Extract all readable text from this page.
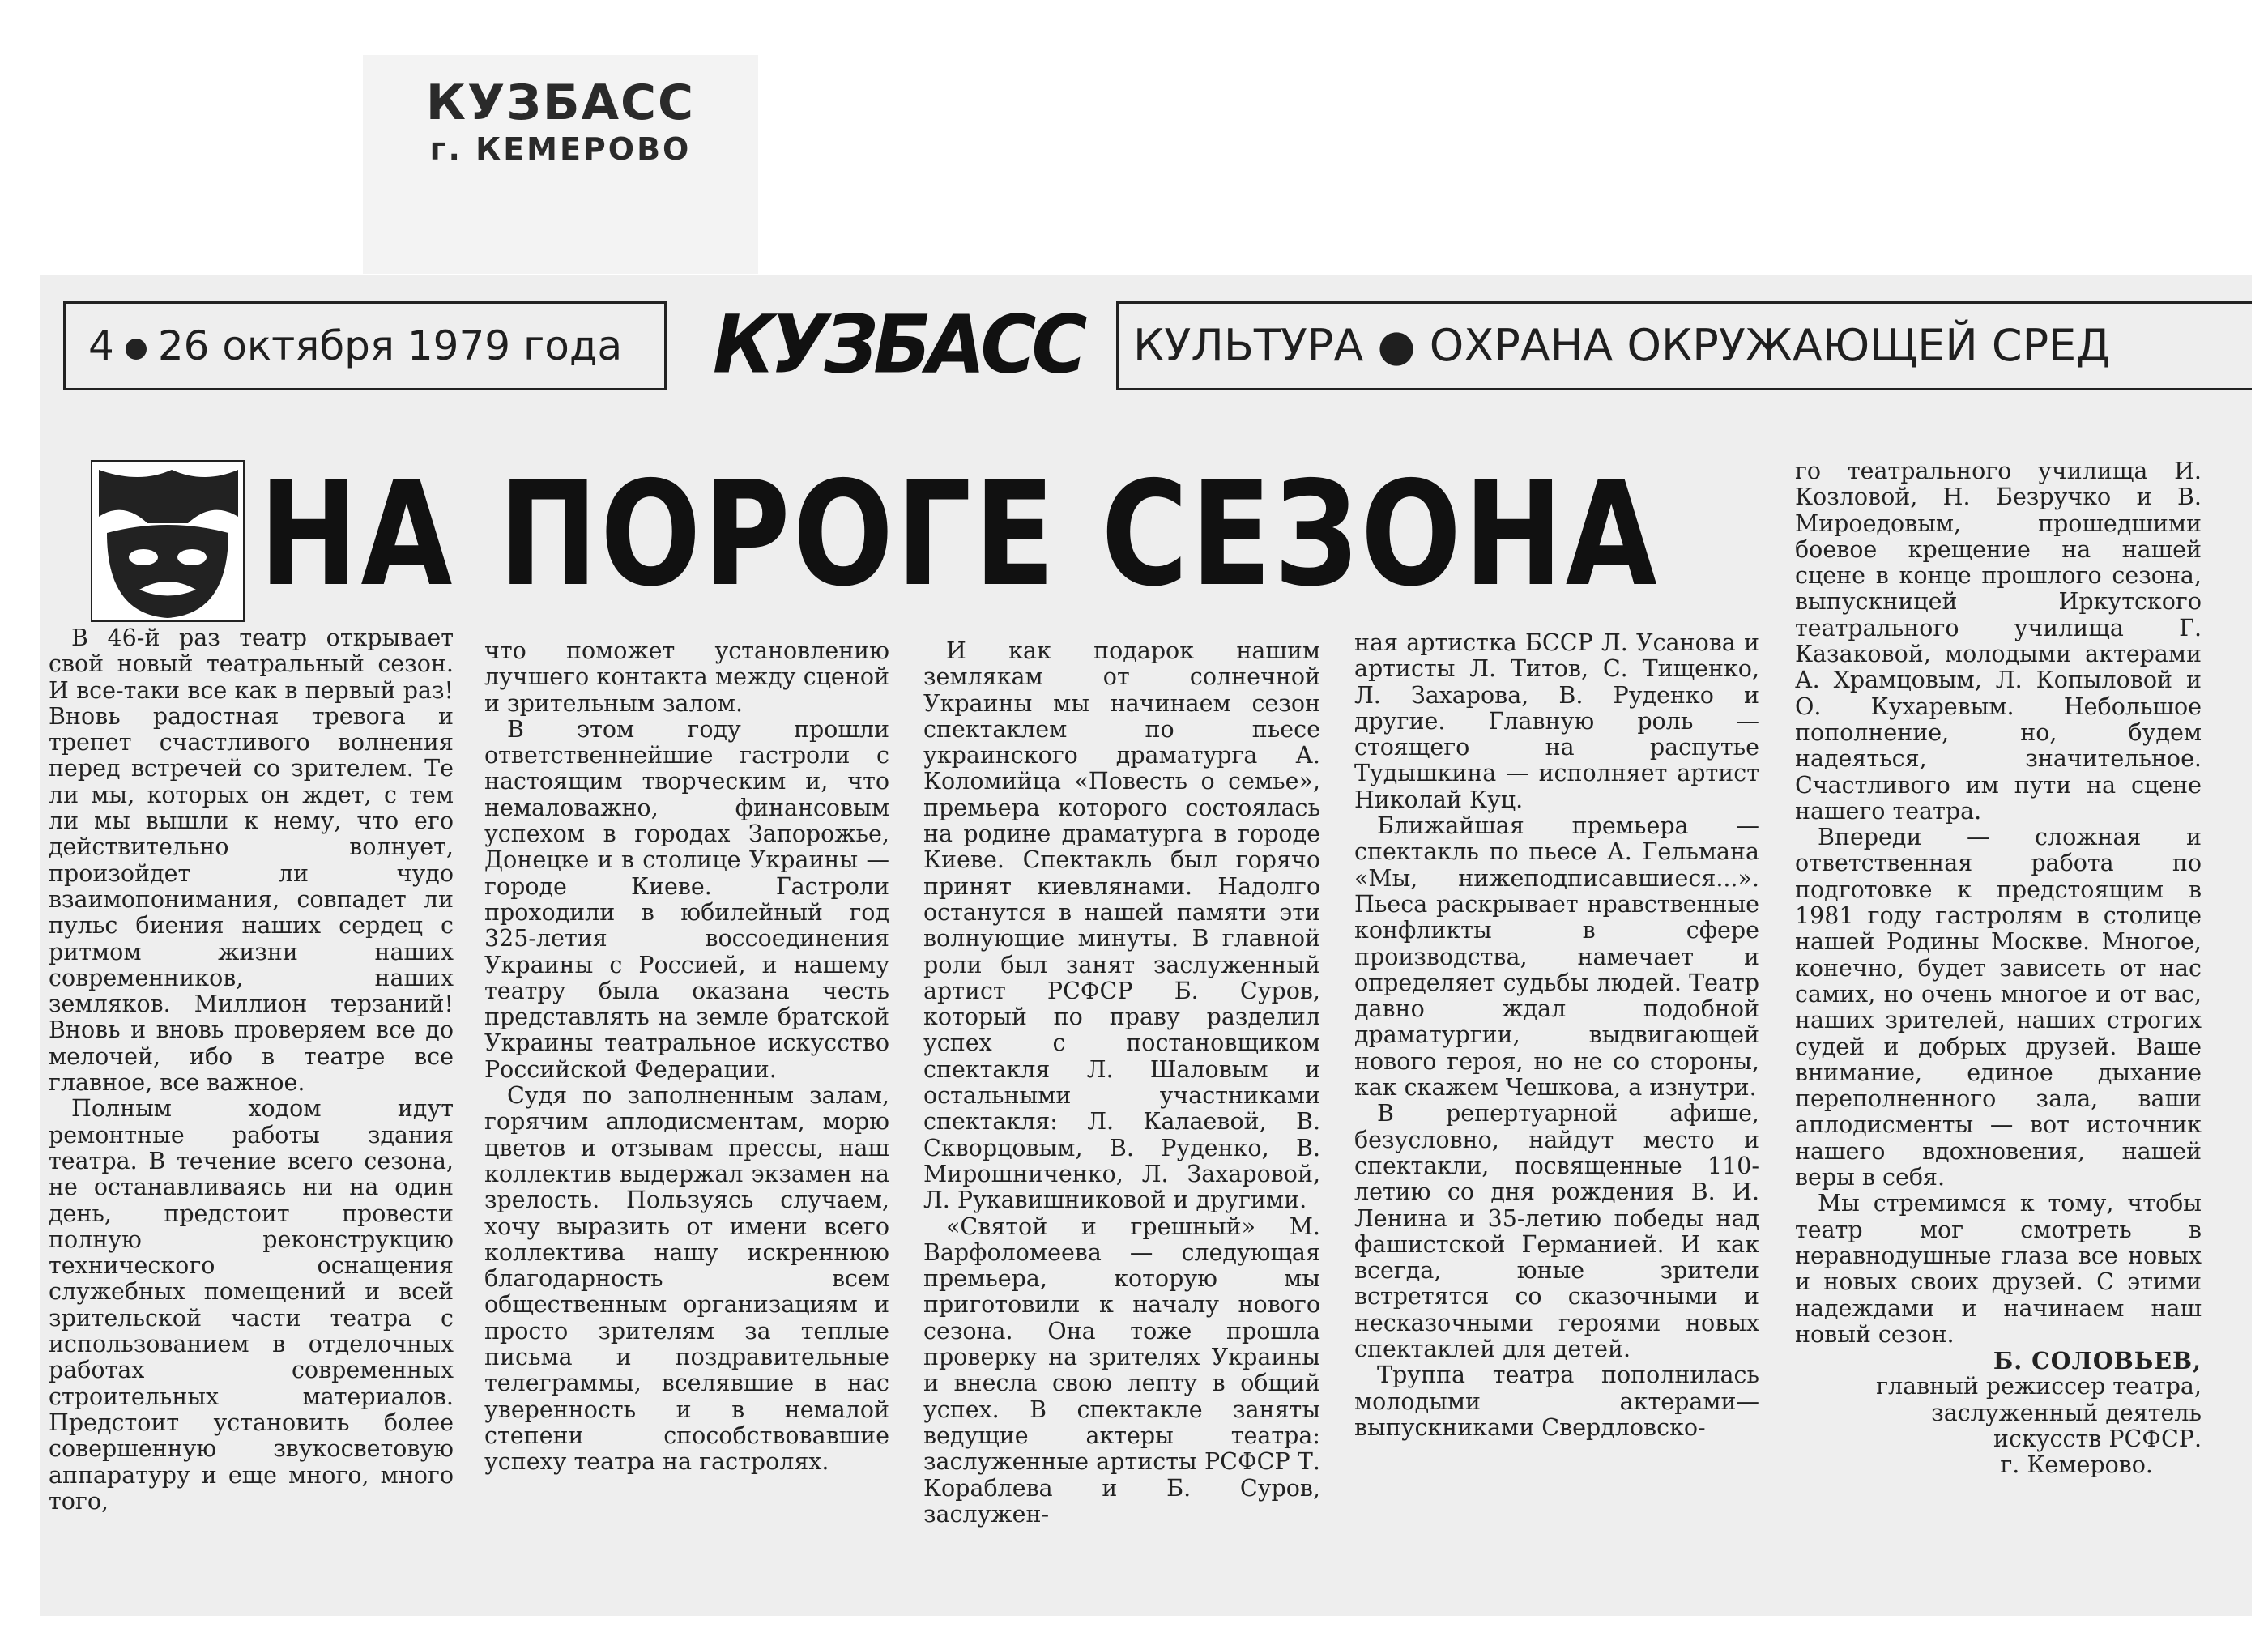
КУЗБАСС
г. КЕМЕРОВО
4 26 октября 1979 года	КУЗБАСС	КУЛЬТУРА ● ОХРАНА ОКРУЖАЮЩЕЙ СРЕД
НА ПОРОГЕ СЕЗОНА

В 46-й раз театр открывает свой новый театральный сезон. И все-таки все как в первый раз! Вновь радостная тревога и трепет счастливого волнения перед встречей со зрителем. Те ли мы, которых он ждет, с тем ли мы вышли к нему, что его действительно волнует, произойдет ли чудо взаимопонимания, совпадет ли пульс биения наших сердец с ритмом жизни наших современников, наших земляков. Миллион терзаний! Вновь и вновь проверяем все до мелочей, ибо в театре все главное, все важное.

Полным ходом идут ремонтные работы здания театра. В течение всего сезона, не останавливаясь ни на один день, предстоит провести полную реконструкцию технического оснащения служебных помещений и всей зрительской части театра с использованием в отделочных работах современных строительных материалов. Предстоит установить более совершенную звукосветовую аппаратуру и еще много, много того,

что поможет установлению лучшего контакта между сценой и зрительным залом.

В этом году прошли ответственнейшие гастроли с настоящим творческим и, что немаловажно, финансовым успехом в городах Запорожье, Донецке и в столице Украины — городе Киеве. Гастроли проходили в юбилейный год 325-летия воссоединения Украины с Россией, и нашему театру была оказана честь представлять на земле братской Украины театральное искусство Российской Федерации.

Судя по заполненным залам, горячим аплодисментам, морю цветов и отзывам прессы, наш коллектив выдержал экзамен на зрелость. Пользуясь случаем, хочу выразить от имени всего коллектива нашу искреннюю благодарность всем общественным организациям и просто зрителям за теплые письма и поздравительные телеграммы, вселявшие в нас уверенность и в немалой степени способствовавшие успеху театра на гастролях.

И как подарок нашим землякам от солнечной Украины мы начинаем сезон спектаклем по пьесе украинского драматурга А. Коломийца «Повесть о семье», премьера которого состоялась на родине драматурга в городе Киеве. Спектакль был горячо принят киевлянами. Надолго останутся в нашей памяти эти волнующие минуты. В главной роли был занят заслуженный артист РСФСР Б. Суров, который по праву разделил успех с постановщиком спектакля Л. Шаловым и остальными участниками спектакля: Л. Калаевой, В. Скворцовым, В. Руденко, В. Мирошниченко, Л. Захаровой, Л. Рукавишниковой и другими.

«Святой и грешный» М. Варфоломеева — следующая премьера, которую мы приготовили к началу нового сезона. Она тоже прошла проверку на зрителях Украины и внесла свою лепту в общий успех. В спектакле заняты ведущие актеры театра: заслуженные артисты РСФСР Т. Кораблева и Б. Суров, заслужен-

ная артистка БССР Л. Усанова и артисты Л. Титов, С. Тищенко, Л. Захарова, В. Руденко и другие. Главную роль — стоящего на распутье Тудышкина — исполняет артист Николай Куц.

Ближайшая премьера — спектакль по пьесе А. Гельмана «Мы, нижеподписавшиеся...». Пьеса раскрывает нравственные конфликты в сфере производства, намечает и определяет судьбы людей. Театр давно ждал подобной драматургии, выдвигающей нового героя, но не со стороны, как скажем Чешкова, а изнутри.

В репертуарной афише, безусловно, найдут место и спектакли, посвященные 110-летию со дня рождения В. И. Ленина и 35-летию победы над фашистской Германией. И как всегда, юные зрители встретятся со сказочными и несказочными героями новых спектаклей для детей.

Труппа театра пополнилась молодыми актерами—выпускниками Свердловско-

го театрального училища И. Козловой, Н. Безручко и В. Мироедовым, прошедшими боевое крещение на нашей сцене в конце прошлого сезона, выпускницей Иркутского театрального училища Г. Казаковой, молодыми актерами А. Храмцовым, Л. Копыловой и О. Кухаревым. Небольшое пополнение, но, будем надеяться, значительное. Счастливого им пути на сцене нашего театра.

Впереди — сложная и ответственная работа по подготовке к предстоящим в 1981 году гастролям в столице нашей Родины Москве. Многое, конечно, будет зависеть от нас самих, но очень многое и от вас, наших зрителей, наших строгих судей и добрых друзей. Ваше внимание, единое дыхание переполненного зала, ваши аплодисменты — вот источник нашего вдохновения, нашей веры в себя.

Мы стремимся к тому, чтобы театр мог смотреть в неравнодушные глаза все новых и новых своих друзей. С этими надеждами и начинаем наш новый сезон.

Б. СОЛОВЬЕВ,
главный режиссер театра,
заслуженный деятель
искусств РСФСР.
г. Кемерово.
